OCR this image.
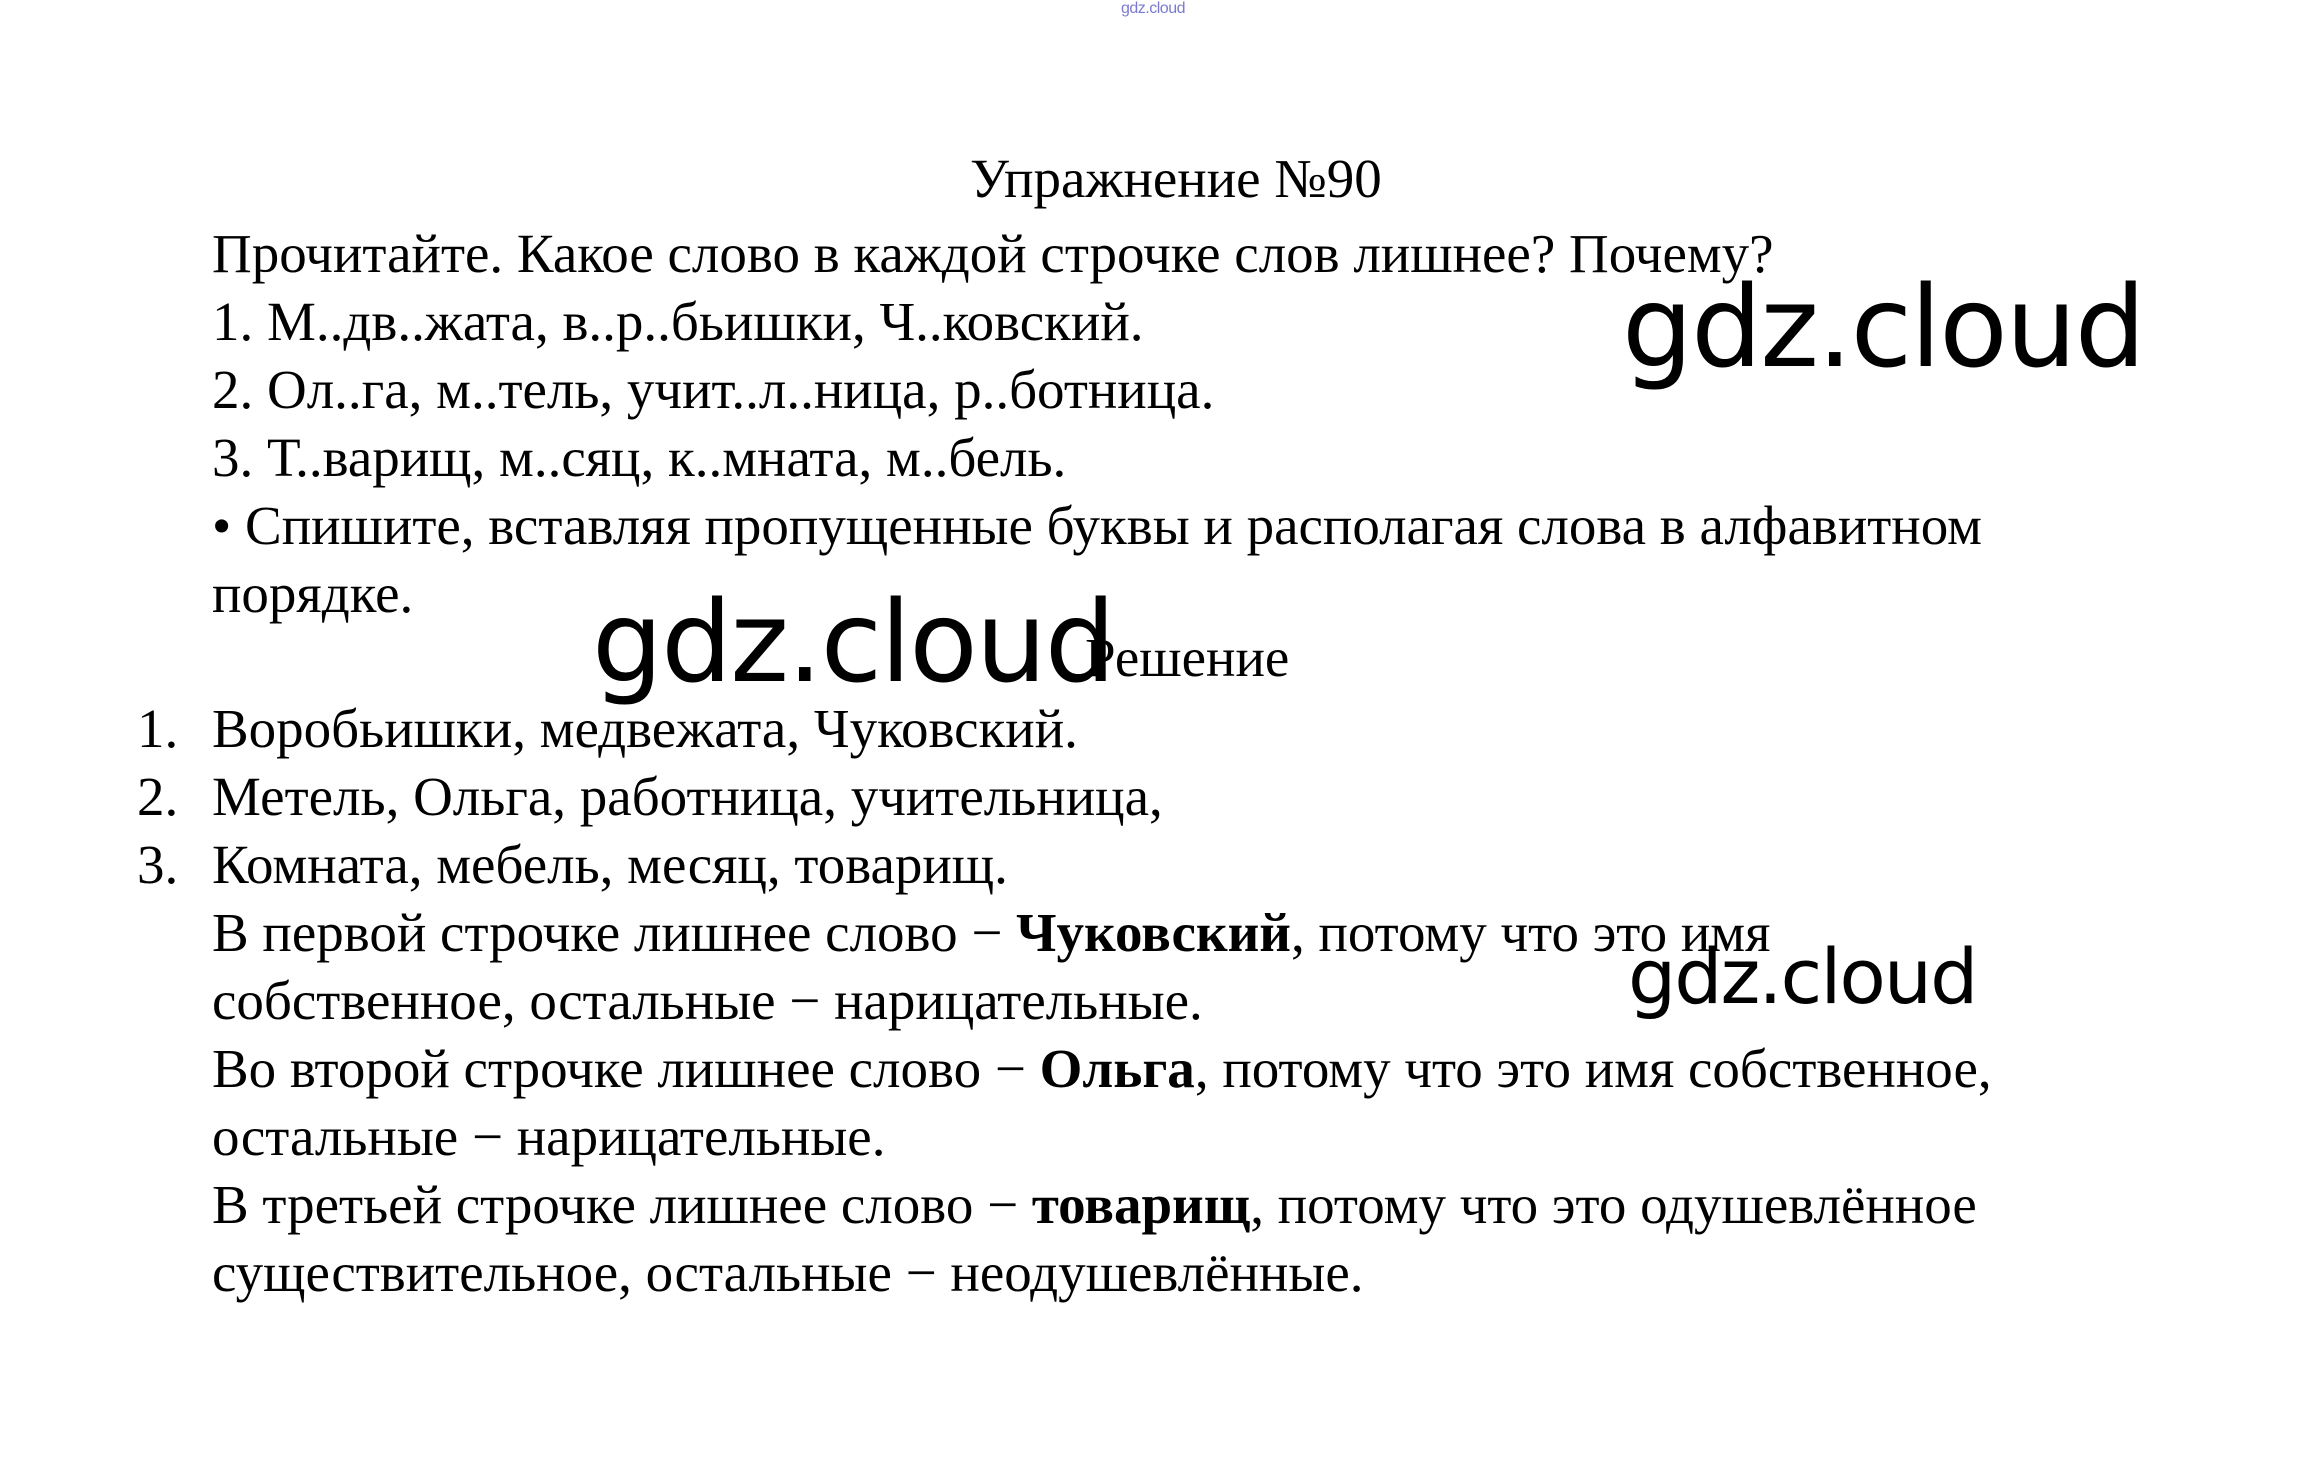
gdz.cloud
Упражнение №90
Прочитайте. Какое слово в каждой строчке слов лишнее? Почему?
1. М..дв..жата, в..р..бьишки, Ч..ковский.
2. Ол..га, м..тель, учит..л..ница, р..ботница.
3. Т..варищ, м..сяц, к..мната, м..бель.
• Спишите, вставляя пропущенные буквы и располагая слова в алфавитном
порядке.
Решение
1. Воробьишки, медвежата, Чуковский.
2. Метель, Ольга, работница, учительница,
3. Комната, мебель, месяц, товарищ.
В первой строчке лишнее слово − Чуковский, потому что это имя
собственное, остальные − нарицательные.
Во второй строчке лишнее слово − Ольга, потому что это имя собственное,
остальные − нарицательные.
В третьей строчке лишнее слово − товарищ, потому что это одушевлённое
существительное, остальные − неодушевлённые.
gdz.cloud
gdz.cloud
gdz.cloud
